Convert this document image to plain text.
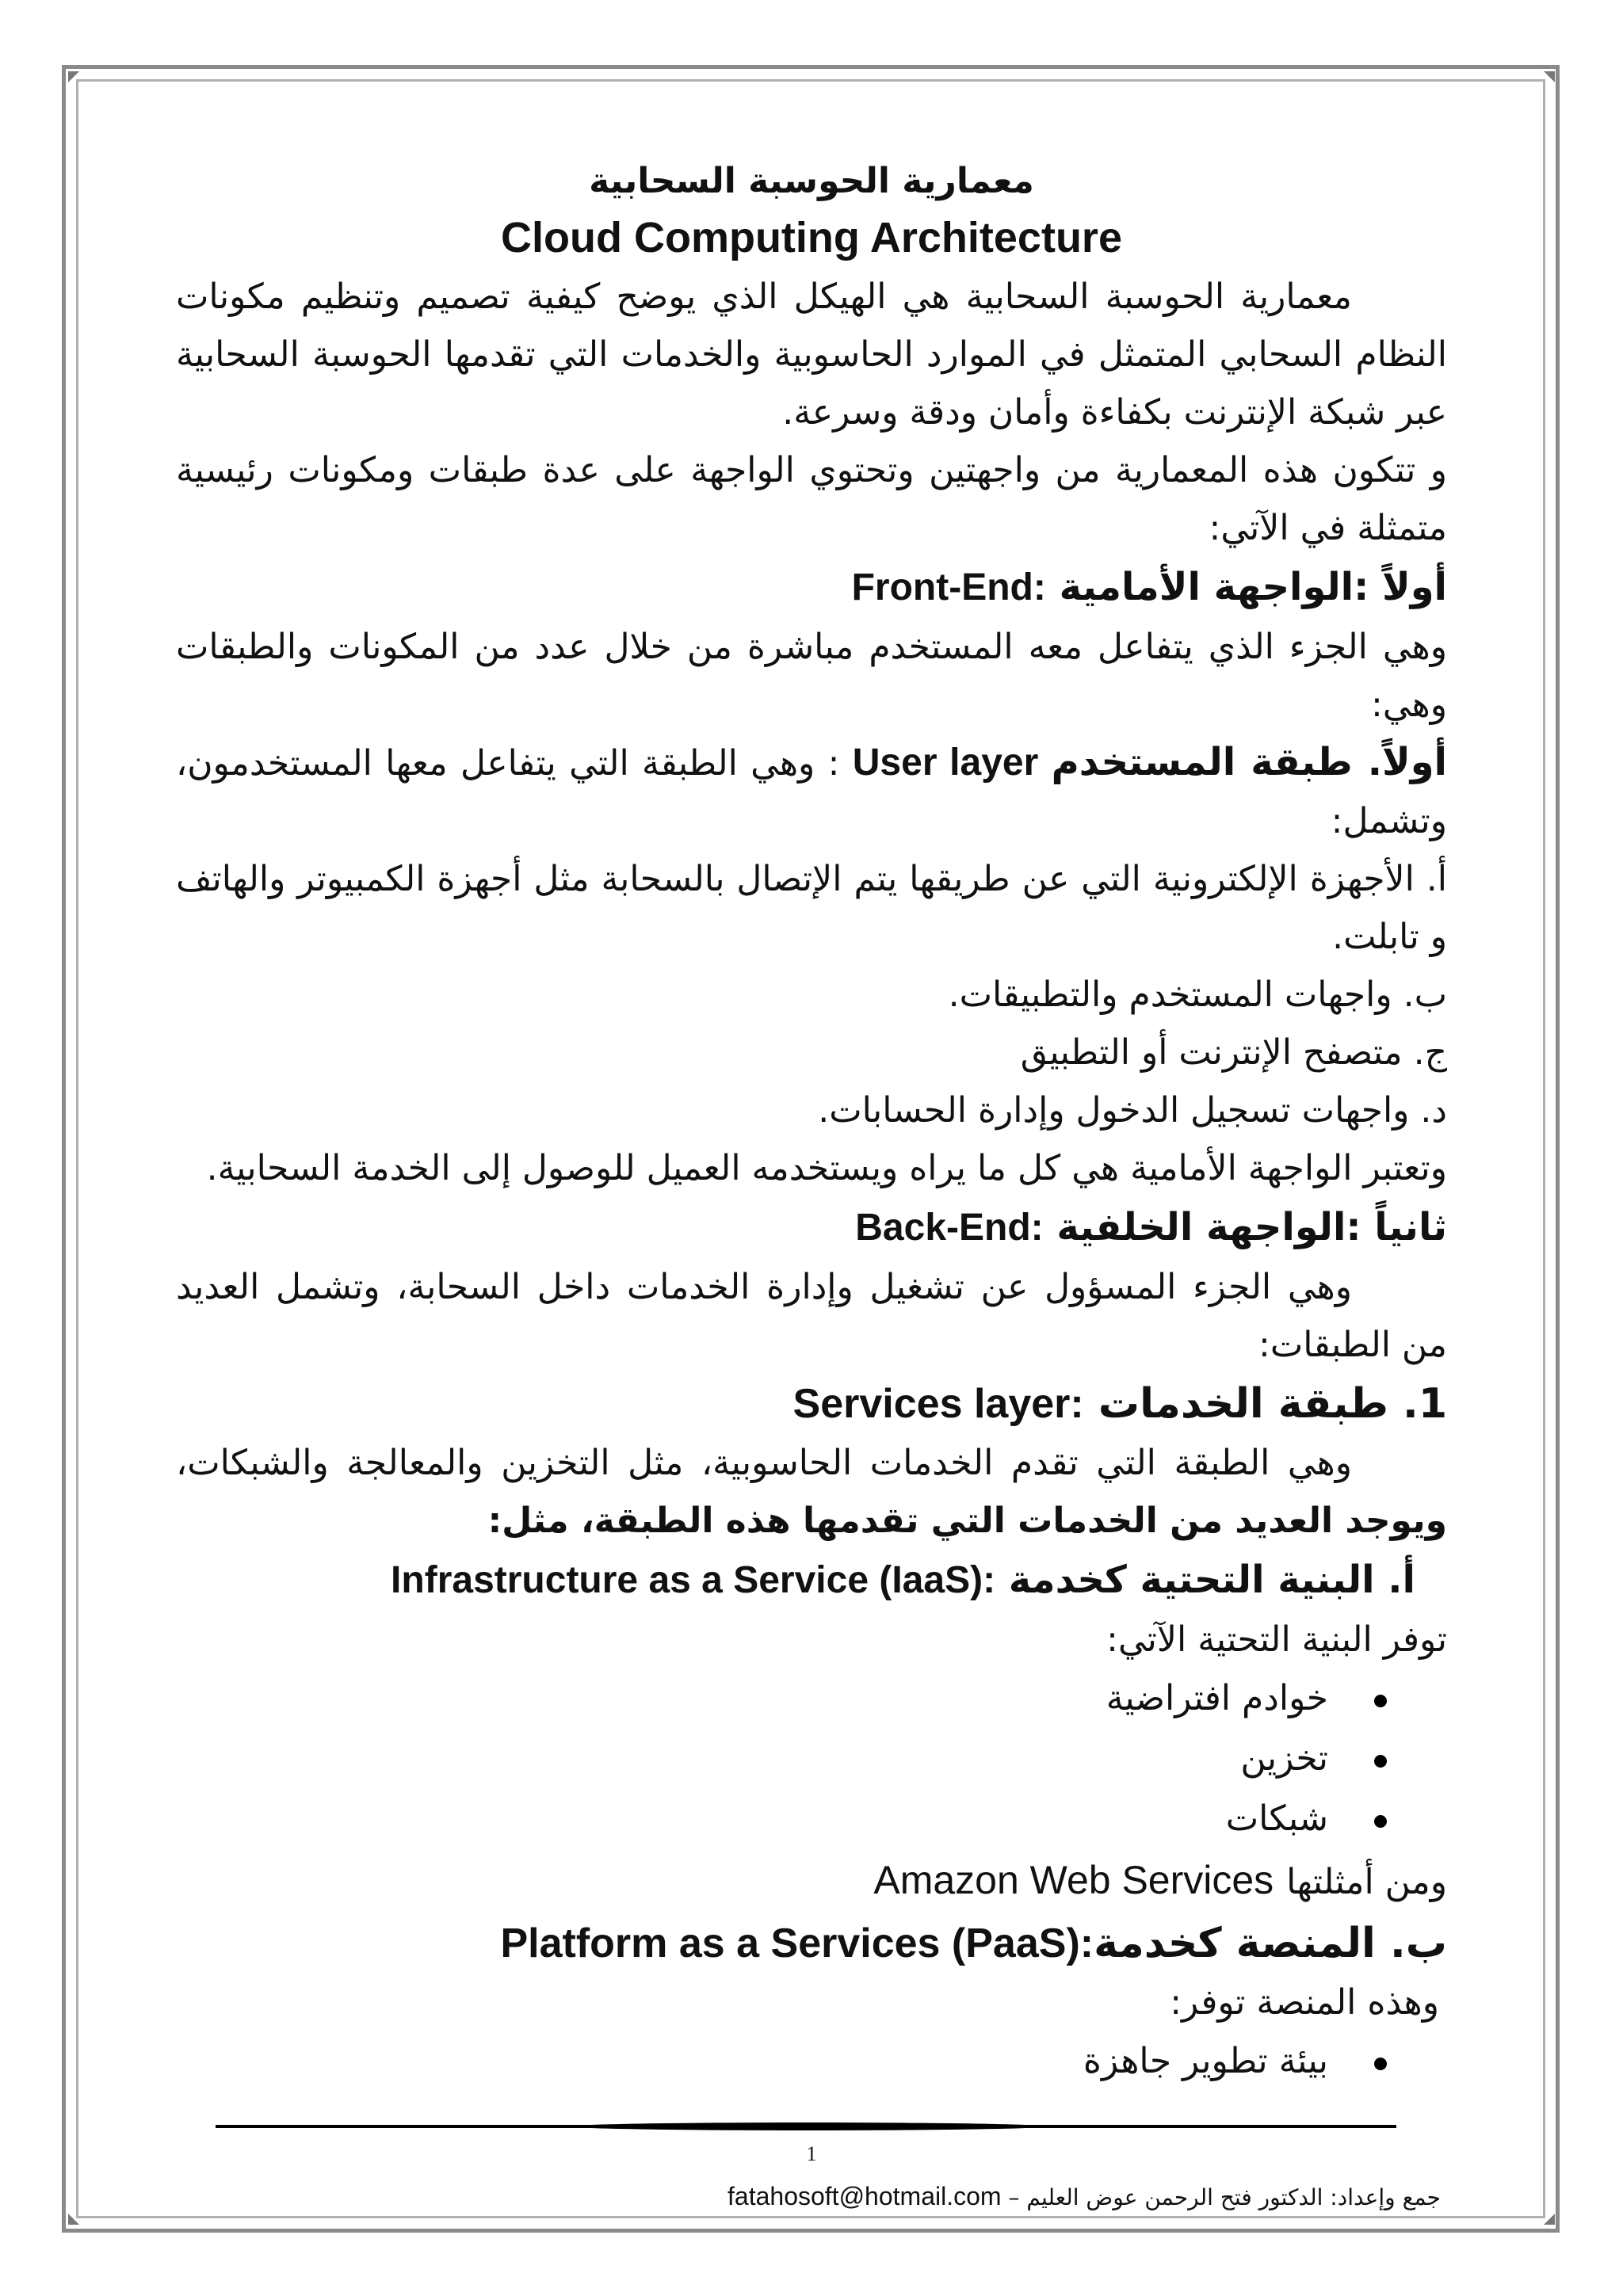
معمارية الحوسبة السحابية
Cloud Computing Architecture

معمارية الحوسبة السحابية هي الهيكل الذي يوضح كيفية تصميم وتنظيم مكونات النظام السحابي المتمثل في الموارد الحاسوبية والخدمات التي تقدمها الحوسبة السحابية عبر شبكة الإنترنت بكفاءة وأمان ودقة وسرعة.

و تتكون هذه المعمارية من واجهتين وتحتوي الواجهة على عدة طبقات ومكونات رئيسية متمثلة في الآتي:

أولاً :الواجهة الأمامية Front-End:

وهي الجزء الذي يتفاعل معه المستخدم مباشرة من خلال عدد من المكونات والطبقات وهي:

أولاً. طبقة المستخدم User layer : وهي الطبقة التي يتفاعل معها المستخدمون، وتشمل:

أ. الأجهزة الإلكترونية التي عن طريقها يتم الإتصال بالسحابة مثل أجهزة الكمبيوتر والهاتف و تابلت.

ب. واجهات المستخدم والتطبيقات.

ج. متصفح الإنترنت أو التطبيق

د. واجهات تسجيل الدخول وإدارة الحسابات.

وتعتبر الواجهة الأمامية هي كل ما يراه ويستخدمه العميل للوصول إلى الخدمة السحابية.

ثانياً :الواجهة الخلفية Back-End:

وهي الجزء المسؤول عن تشغيل وإدارة الخدمات داخل السحابة، وتشمل العديد من الطبقات:

1. طبقة الخدمات Services layer:

وهي الطبقة التي تقدم الخدمات الحاسوبية، مثل التخزين والمعالجة والشبكات، ويوجد العديد من الخدمات التي تقدمها هذه الطبقة، مثل:

أ. البنية التحتية كخدمة Infrastructure as a Service (IaaS):

توفر البنية التحتية الآتي:

خوادم افتراضية
تخزين
شبكات

ومن أمثلتها Amazon Web Services

ب. المنصة كخدمةPlatform as a Services (PaaS):

وهذه المنصة توفر:

بيئة تطوير جاهزة
1
جمع وإعداد: الدكتور فتح الرحمن عوض العليم – fatahosoft@hotmail.com
